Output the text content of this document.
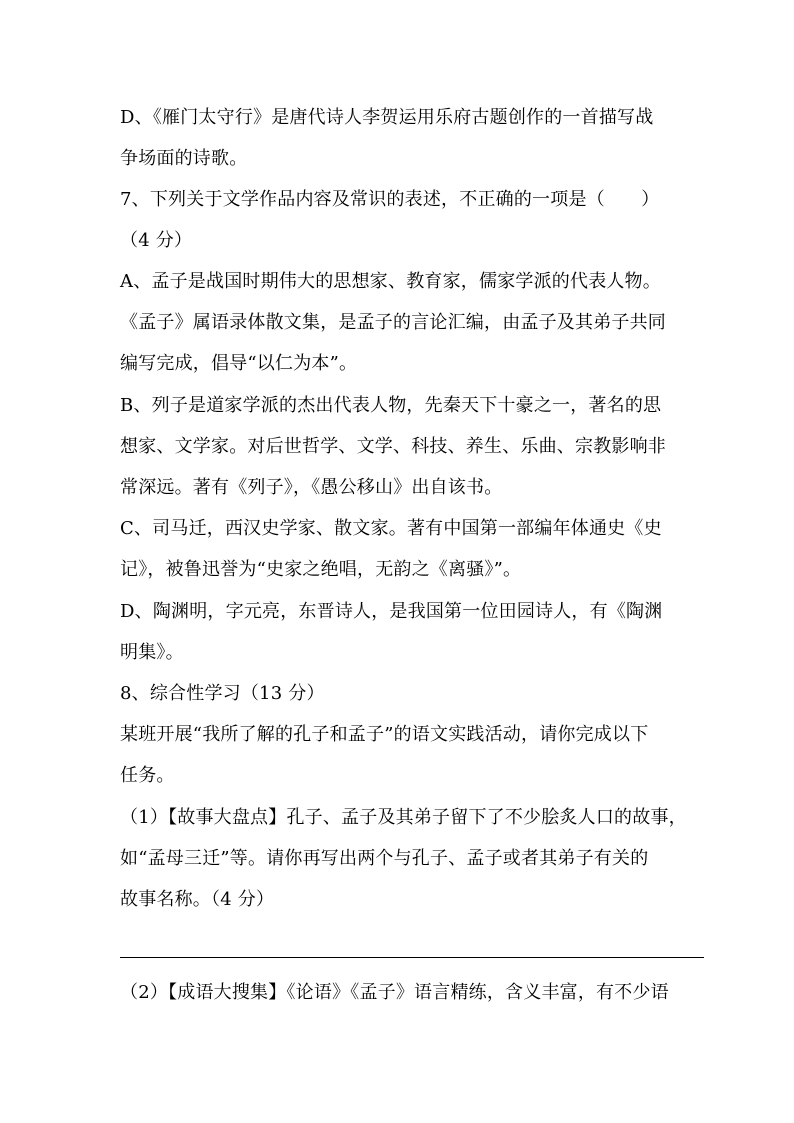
D、《雁门太守行》是唐代诗人李贺运用乐府古题创作的一首描写战
争场面的诗歌。
7、下列关于文学作品内容及常识的表述，不正确的一项是（　　）
（4 分）
A、孟子是战国时期伟大的思想家、教育家，儒家学派的代表人物。
《孟子》属语录体散文集，是孟子的言论汇编，由孟子及其弟子共同
编写完成，倡导“以仁为本”。
B、列子是道家学派的杰出代表人物，先秦天下十豪之一，著名的思
想家、文学家。对后世哲学、文学、科技、养生、乐曲、宗教影响非
常深远。著有《列子》，《愚公移山》出自该书。
C、司马迁，西汉史学家、散文家。著有中国第一部编年体通史《史
记》，被鲁迅誉为“史家之绝唱，无韵之《离骚》”。
D、陶渊明，字元亮，东晋诗人，是我国第一位田园诗人，有《陶渊
明集》。
8、综合性学习（13 分）
某班开展“我所了解的孔子和孟子”的语文实践活动，请你完成以下
任务。
（1）【故事大盘点】孔子、孟子及其弟子留下了不少脍炙人口的故事，
如“孟母三迁”等。请你再写出两个与孔子、孟子或者其弟子有关的
故事名称。（4 分）
（2）【成语大搜集】《论语》《孟子》语言精练，含义丰富，有不少语
